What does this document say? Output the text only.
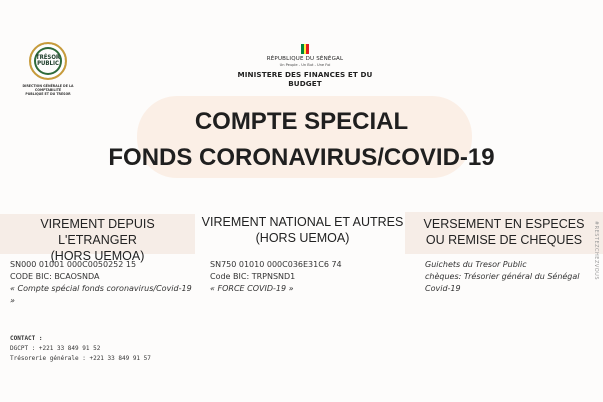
TRÉSOR PUBLIC
DIRECTION GÉNÉRALE DE LA COMPTABILITÉ
PUBLIQUE ET DU TRESOR
RÉPUBLIQUE DU SÉNÉGAL
Un Peuple - Un But - Une Foi
MINISTERE DES FINANCES ET DU BUDGET
COMPTE SPECIAL
FONDS CORONAVIRUS/COVID-19
VIREMENT DEPUIS L'ETRANGER
(HORS UEMOA)
VIREMENT NATIONAL ET AUTRES
(HORS UEMOA)
VERSEMENT EN ESPECES
OU REMISE DE CHEQUES
SN000 01001 000C0050252 15
CODE BIC: BCAOSNDA
« Compte spécial fonds coronavirus/Covid-19 »
SN750 01010 000C036E31C6 74
Code BIC: TRPNSND1
« FORCE COVID-19 »
Guichets du Tresor Public
chèques: Trésorier général du Sénégal Covid-19
CONTACT :
DGCPT : +221 33 849 91 52
Trésorerie générale : +221 33 849 91 57
#RESTEZCHEZVOUS
